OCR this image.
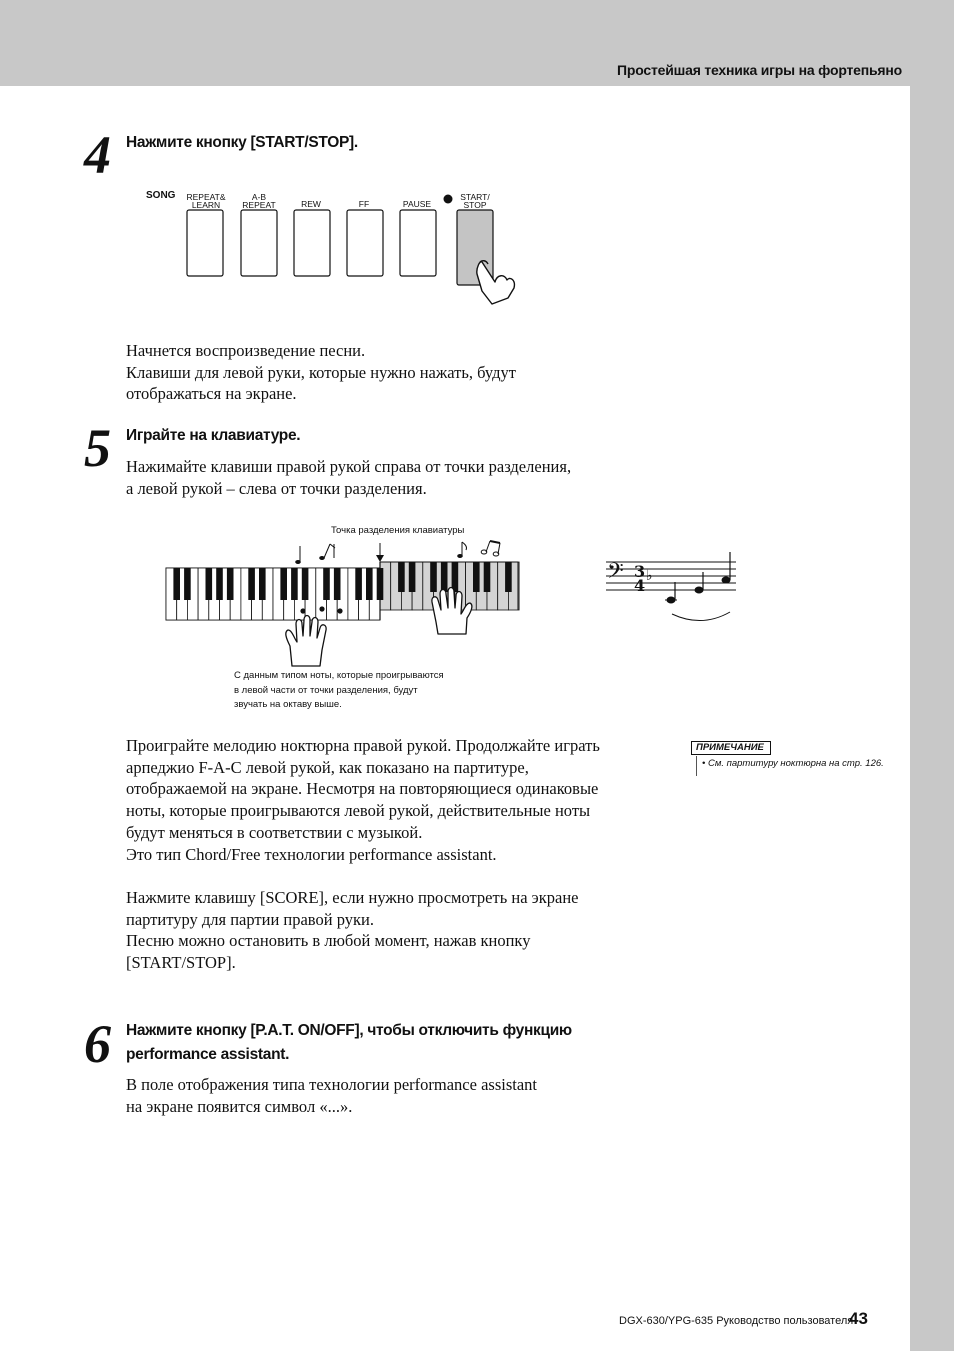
Простейшая техника игры на фортепьяно
4 Нажмите кнопку [START/STOP].
SONG	REPEAT&
LEARN
A-B
REPEAT	REW	FF	PAUSE
START/
STOP
Начнется воспроизведение песни.
Клавиши для левой руки, которые нужно нажать, будут
отображаться на экране.
5 Играйте на клавиатуре.
Нажимайте клавиши правой рукой справа от точки разделения,
а левой рукой – слева от точки разделения.
Точка разделения клавиатуры
С данным типом ноты, которые проигрываются
в левой части от точки разделения, будут
звучать на октаву выше.
𝄢 3
4 ♭
Проиграйте мелодию ноктюрна правой рукой. Продолжайте играть
арпеджио F-A-C левой рукой, как показано на партитуре,
отображаемой на экране. Несмотря на повторяющиеся одинаковые
ноты, которые проигрываются левой рукой, действительные ноты
будут меняться в соответствии с музыкой.
Это тип Chord/Free технологии performance assistant.
ПРИМЕЧАНИЕ
• См. партитуру ноктюрна на стр. 126.
Нажмите клавишу [SCORE], если нужно просмотреть на экране
партитуру для партии правой руки.
Песню можно остановить в любой момент, нажав кнопку
[START/STOP].
6 Нажмите кнопку [P.A.T. ON/OFF], чтобы отключить функцию
performance assistant.
В поле отображения типа технологии performance assistant
на экране появится символ «...».
DGX-630/YPG-635 Руководство пользователя
43
